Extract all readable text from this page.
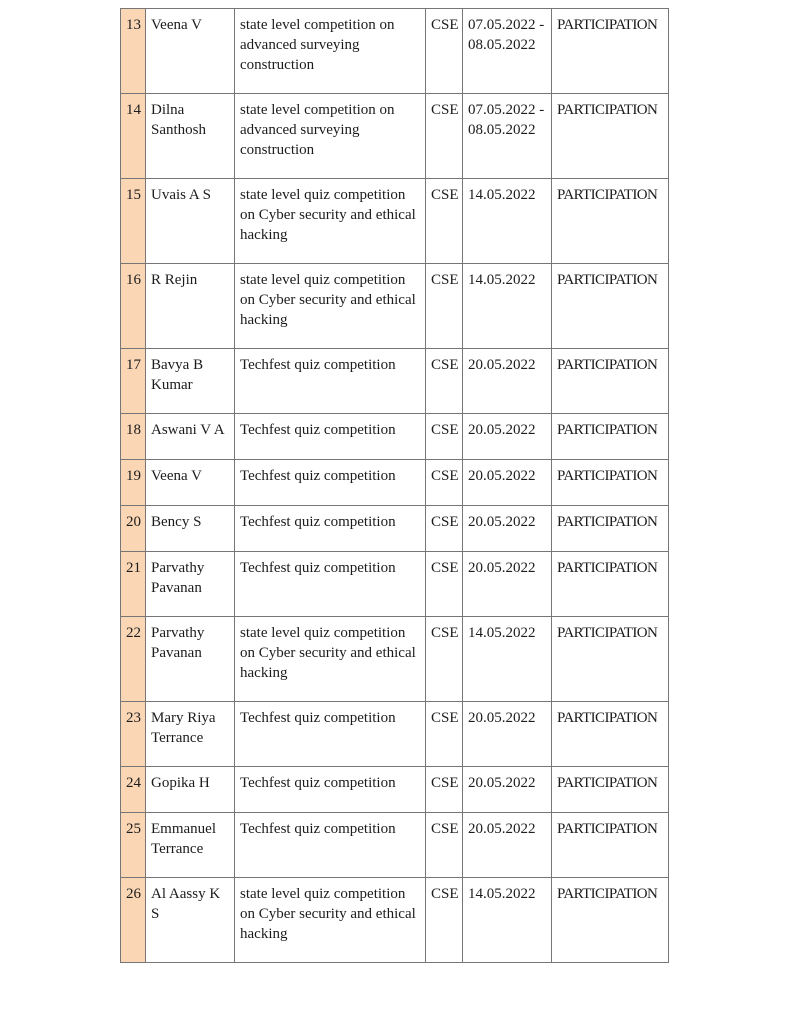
13	Veena V	state level competition on advanced surveying construction	CSE	07.05.2022 - 08.05.2022	PARTICIPATION
14	Dilna Santhosh	state level competition on advanced surveying construction	CSE	07.05.2022 - 08.05.2022	PARTICIPATION
15	Uvais A S	state level quiz competition on Cyber security and ethical hacking	CSE	14.05.2022	PARTICIPATION
16	R Rejin	state level quiz competition on Cyber security and ethical hacking	CSE	14.05.2022	PARTICIPATION
17	Bavya B Kumar	Techfest quiz competition	CSE	20.05.2022	PARTICIPATION
18	Aswani V A	Techfest quiz competition	CSE	20.05.2022	PARTICIPATION
19	Veena V	Techfest quiz competition	CSE	20.05.2022	PARTICIPATION
20	Bency S	Techfest quiz competition	CSE	20.05.2022	PARTICIPATION
21	Parvathy Pavanan	Techfest quiz competition	CSE	20.05.2022	PARTICIPATION
22	Parvathy Pavanan	state level quiz competition on Cyber security and ethical hacking	CSE	14.05.2022	PARTICIPATION
23	Mary Riya Terrance	Techfest quiz competition	CSE	20.05.2022	PARTICIPATION
24	Gopika H	Techfest quiz competition	CSE	20.05.2022	PARTICIPATION
25	Emmanuel Terrance	Techfest quiz competition	CSE	20.05.2022	PARTICIPATION
26	Al Aassy K S	state level quiz competition on Cyber security and ethical hacking	CSE	14.05.2022	PARTICIPATION
